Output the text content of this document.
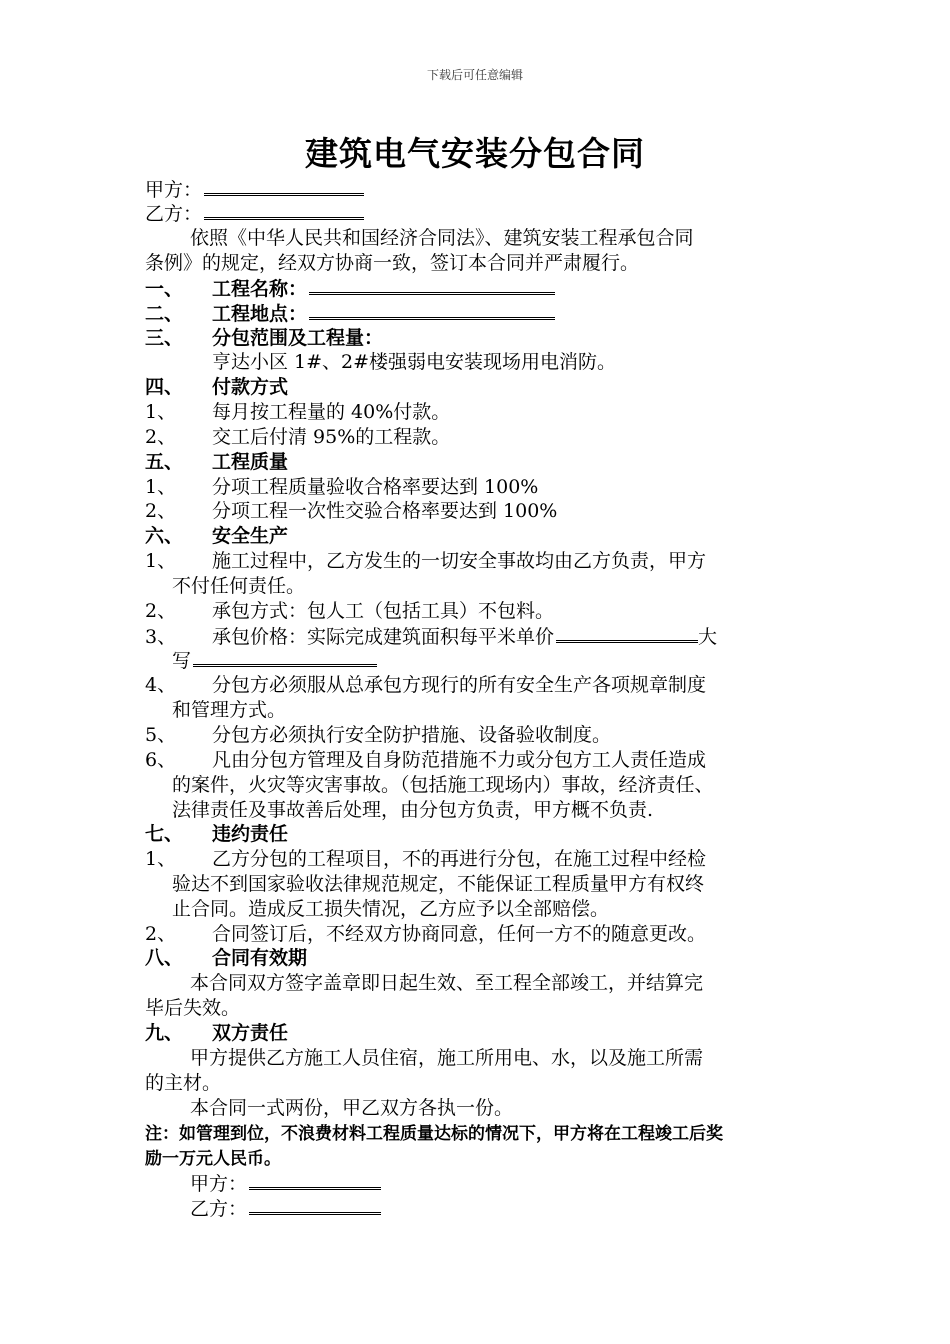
下载后可任意编辑
建筑电气安装分包合同
甲方：
乙方：
依照《中华人民共和国经济合同法》、建筑安装工程承包合同
条例》的规定，经双方协商一致，签订本合同并严肃履行。
一、 工程名称：
二、 工程地点：
三、 分包范围及工程量：
亨达小区 1#、2#楼强弱电安装现场用电消防。
四、 付款方式
1、 每月按工程量的 40%付款。
2、 交工后付清 95%的工程款。
五、 工程质量
1、 分项工程质量验收合格率要达到 100%
2、 分项工程一次性交验合格率要达到 100%
六、 安全生产
1、 施工过程中，乙方发生的一切安全事故均由乙方负责，甲方
不付任何责任。
2、 承包方式：包人工（包括工具）不包料。
3、 承包价格：实际完成建筑面积每平米单价	大
写
4、 分包方必须服从总承包方现行的所有安全生产各项规章制度
和管理方式。
5、 分包方必须执行安全防护措施、设备验收制度。
6、 凡由分包方管理及自身防范措施不力或分包方工人责任造成
的案件，火灾等灾害事故。（包括施工现场内）事故，经济责任、
法律责任及事故善后处理，由分包方负责，甲方概不负责.
七、 违约责任
1、 乙方分包的工程项目，不的再进行分包，在施工过程中经检
验达不到国家验收法律规范规定，不能保证工程质量甲方有权终
止合同。造成反工损失情况，乙方应予以全部赔偿。
2、 合同签订后，不经双方协商同意，任何一方不的随意更改。
八、 合同有效期
本合同双方签字盖章即日起生效、至工程全部竣工，并结算完
毕后失效。
九、 双方责任
甲方提供乙方施工人员住宿，施工所用电、水，以及施工所需
的主材。
本合同一式两份，甲乙双方各执一份。
注：如管理到位，不浪费材料工程质量达标的情况下，甲方将在工程竣工后奖
励一万元人民币。
甲方：
乙方：
